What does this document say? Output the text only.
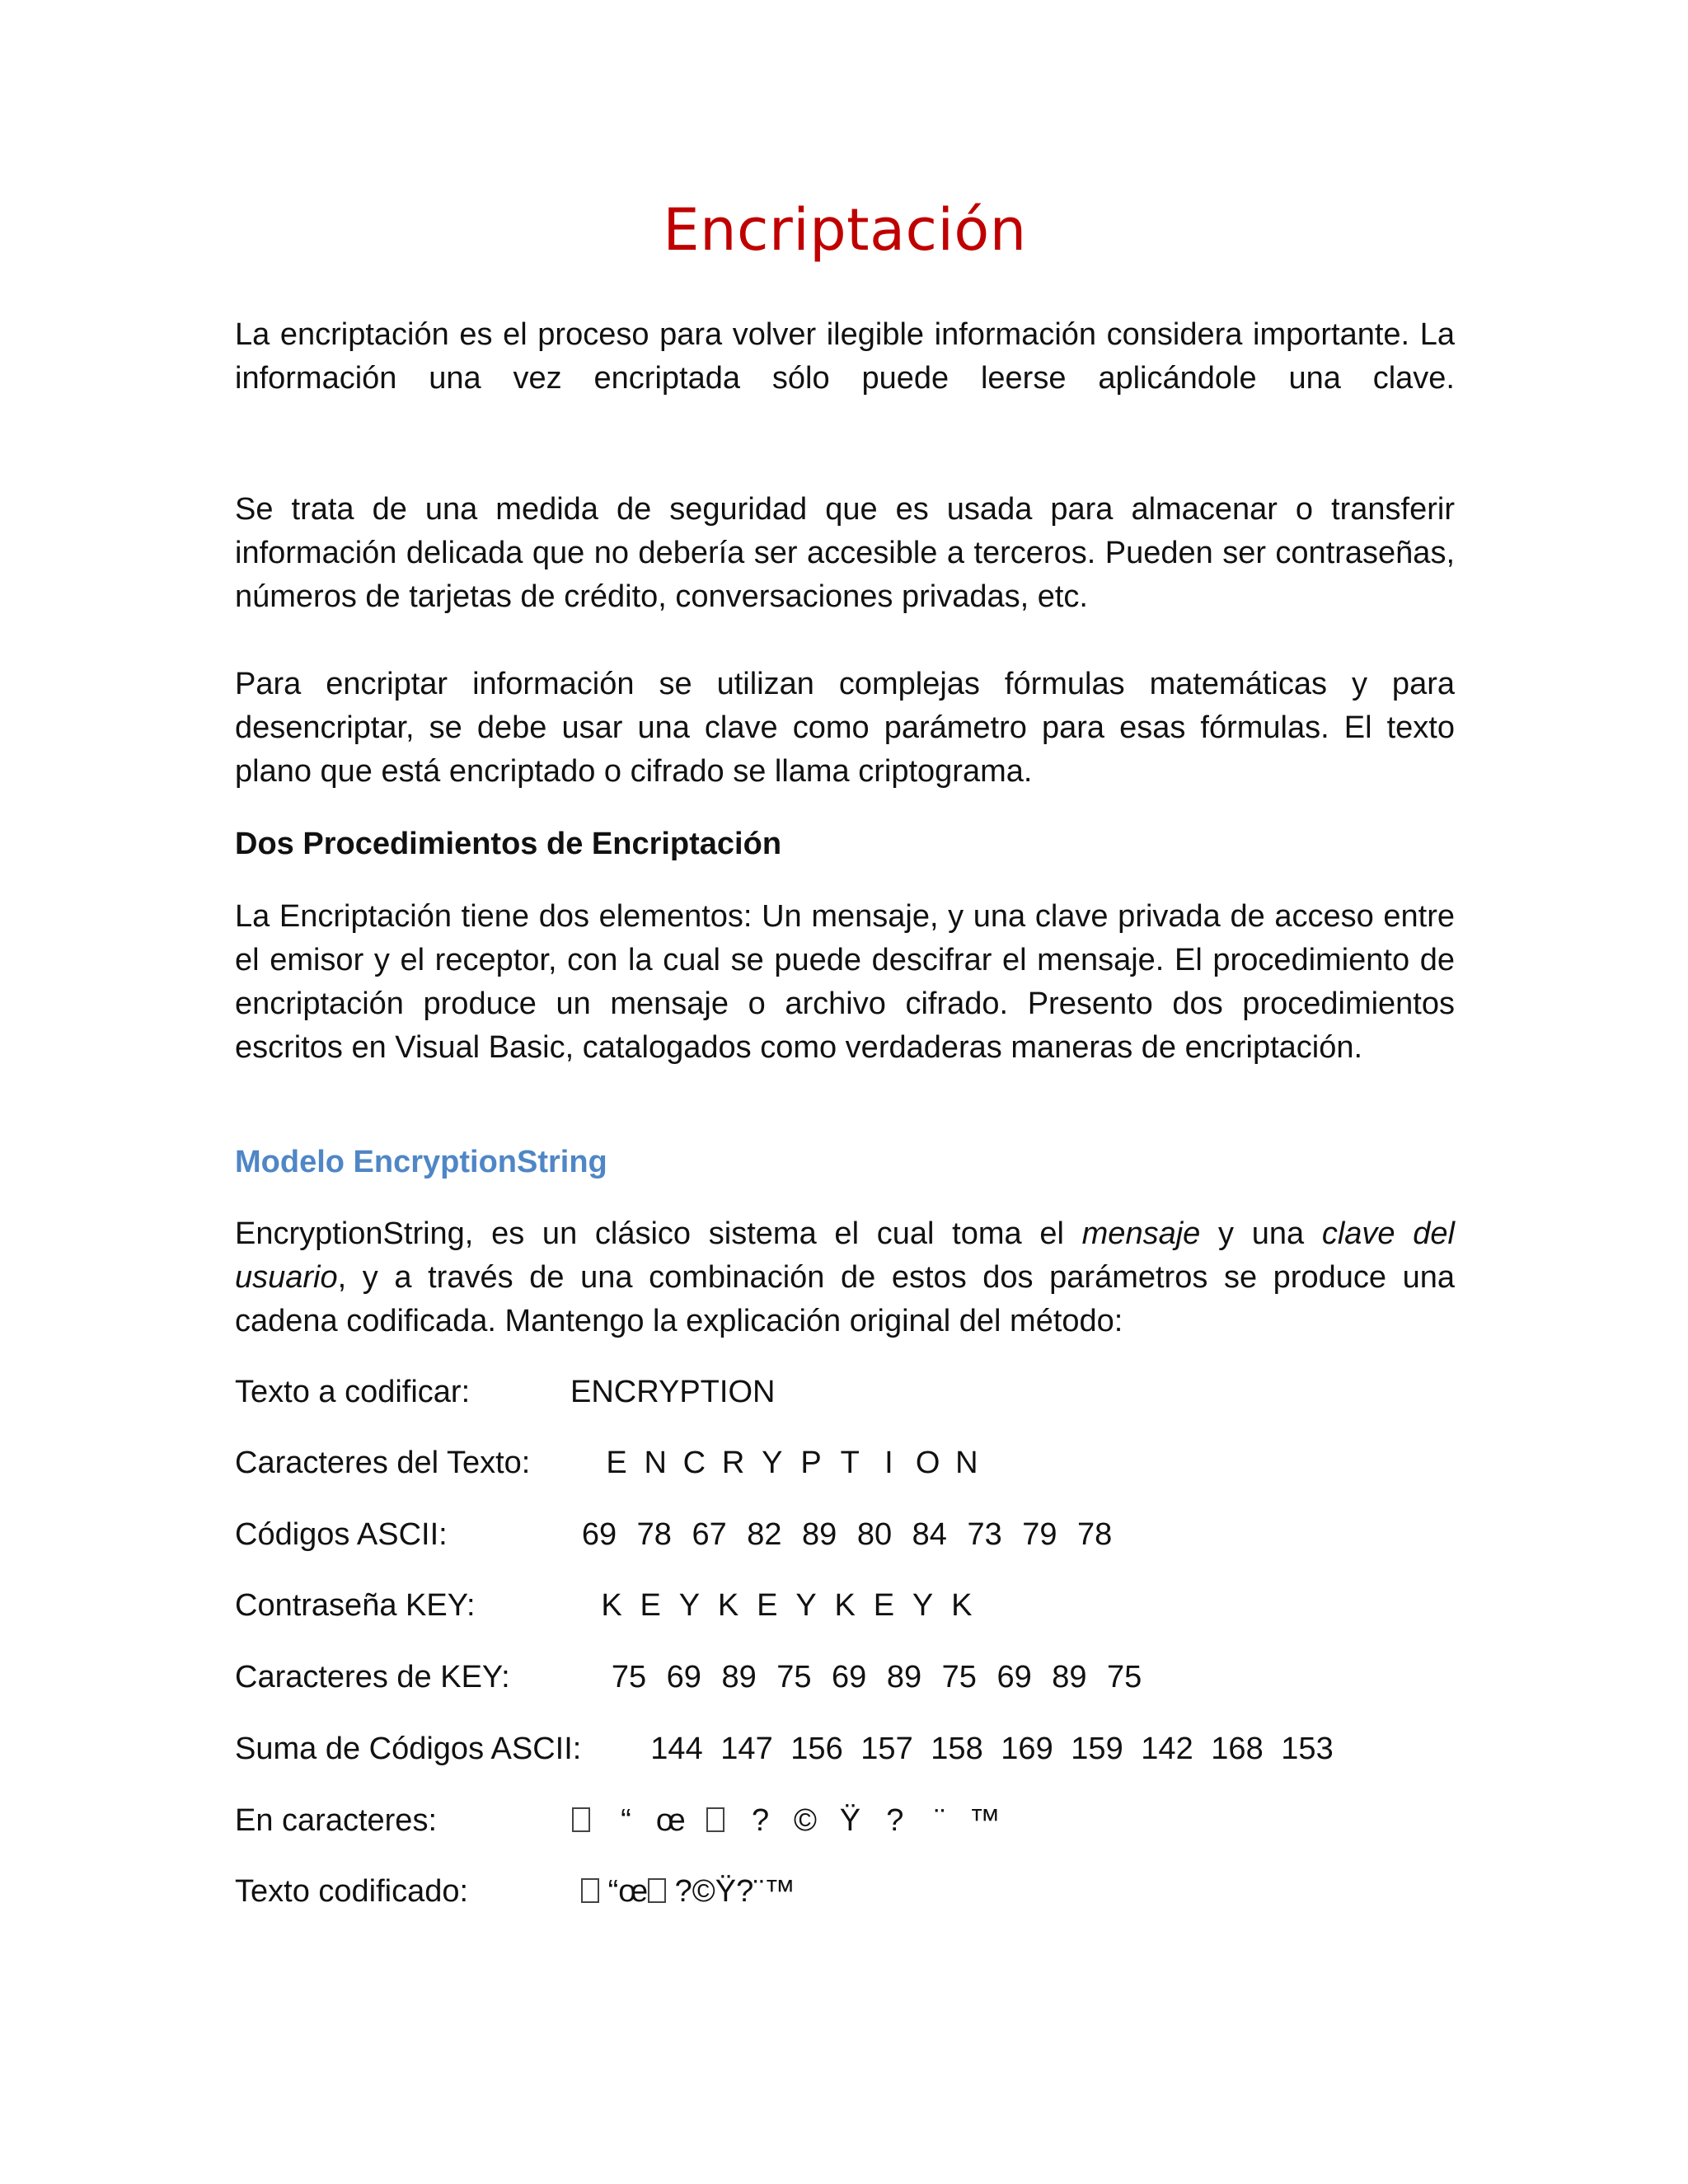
Encriptación
La encriptación es el proceso para volver ilegible información considera importante. La información una vez encriptada sólo puede leerse aplicándole una clave.
Se trata de una medida de seguridad que es usada para almacenar o transferir información delicada que no debería ser accesible a terceros. Pueden ser contraseñas, números de tarjetas de crédito, conversaciones privadas, etc.
Para encriptar información se utilizan complejas fórmulas matemáticas y para desencriptar, se debe usar una clave como parámetro para esas fórmulas. El texto plano que está encriptado o cifrado se llama criptograma.
Dos Procedimientos de Encriptación
La Encriptación tiene dos elementos: Un mensaje, y una clave privada de acceso entre el emisor y el receptor, con la cual se puede descifrar el mensaje. El procedimiento de encriptación produce un mensaje o archivo cifrado. Presento dos procedimientos escritos en Visual Basic, catalogados como verdaderas maneras de encriptación.
Modelo EncryptionString
EncryptionString, es un clásico sistema el cual toma el mensaje y una clave del usuario, y a través de una combinación de estos dos parámetros se produce una cadena codificada. Mantengo la explicación original del método:
Texto a codificar:	ENCRYPTION
Caracteres del Texto: E N C R Y P T I O N
Códigos ASCII:	69 78 67 82 89 80 84 73 79 78
Contraseña KEY:	K E Y K E Y K E Y K
Caracteres de KEY:	75 69 89 75 69 89 75 69 89 75
Suma de Códigos ASCII: 144 147 156 157 158 169 159 142 168 153
En caracteres:	“ œ ? © Ÿ ? ¨ ™
Texto codificado:	“œ ?©Ÿ?¨™
